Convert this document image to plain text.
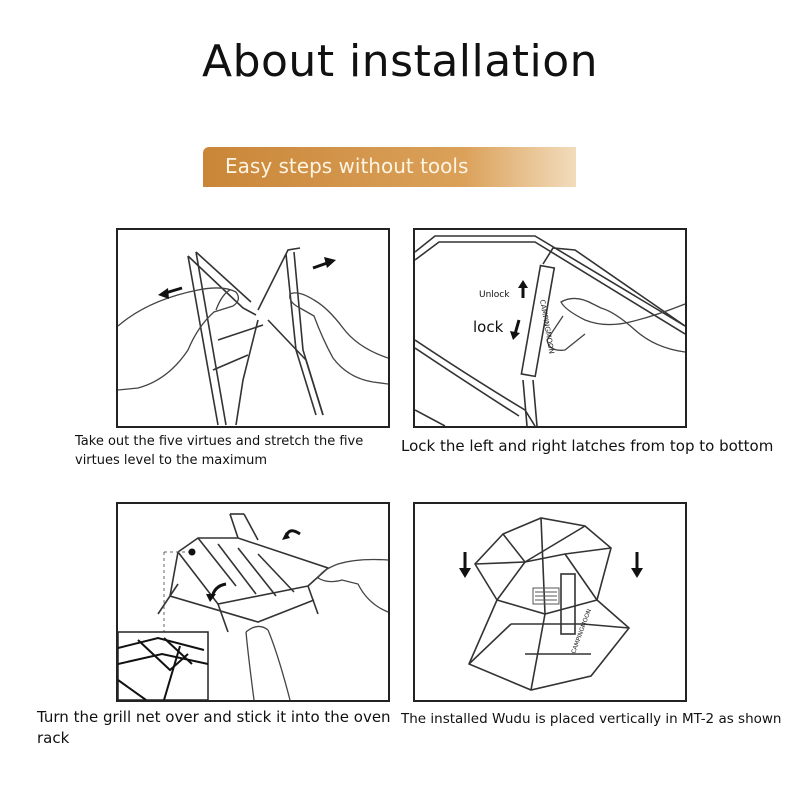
About installation
Easy steps without tools
Take out the five virtues and stretch the five virtues level to the maximum
CAMPINGMOON
Unlock
lock
Lock the left and right latches from top to bottom
Turn the grill net over and stick it into the oven rack
CAMPINGMOON
The installed Wudu is placed vertically in MT-2 as shown
